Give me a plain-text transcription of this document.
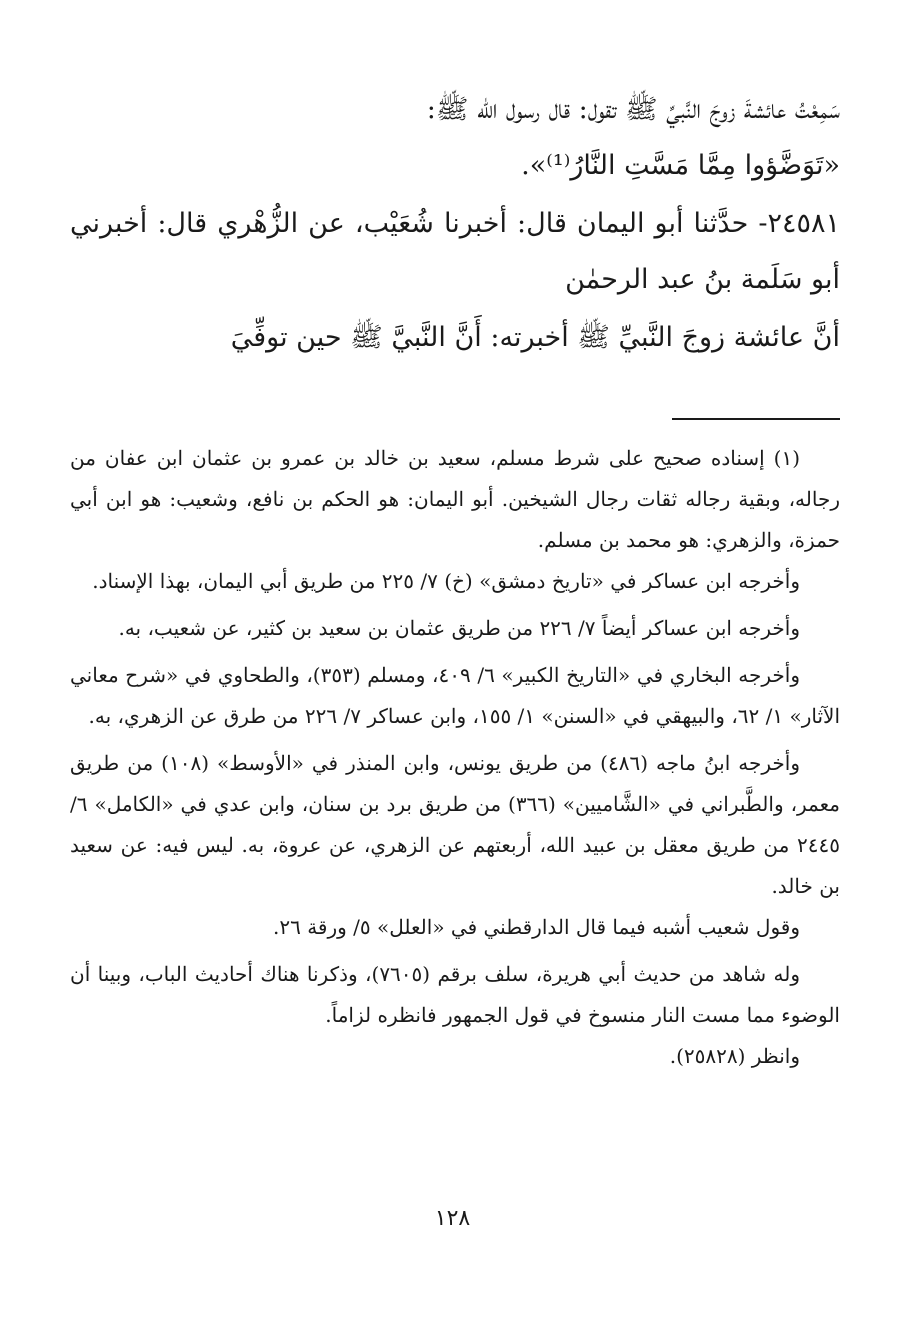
سَمِعْتُ عائشةَ زوجَ النَّبيِّ ﷺ تقول: قال رسول الله ﷺ:

«تَوَضَّؤوا مِمَّا مَسَّتِ النَّارُ⁽¹⁾».

٢٤٥٨١- حدَّثنا أبو اليمان قال: أخبرنا شُعَيْب، عن الزُّهْري قال: أخبرني أبو سَلَمة بنُ عبد الرحمٰن

أنَّ عائشة زوجَ النَّبيِّ ﷺ أخبرته: أَنَّ النَّبيَّ ﷺ حين توفِّيَ

(١) إسناده صحيح على شرط مسلم، سعيد بن خالد بن عمرو بن عثمان ابن عفان من رجاله، وبقية رجاله ثقات رجال الشيخين. أبو اليمان: هو الحكم بن نافع، وشعيب: هو ابن أبي حمزة، والزهري: هو محمد بن مسلم.

وأخرجه ابن عساكر في «تاريخ دمشق» (خ) ٧/ ٢٢٥ من طريق أبي اليمان، بهذا الإسناد.

وأخرجه ابن عساكر أيضاً ٧/ ٢٢٦ من طريق عثمان بن سعيد بن كثير، عن شعيب، به.

وأخرجه البخاري في «التاريخ الكبير» ٦/ ٤٠٩، ومسلم (٣٥٣)، والطحاوي في «شرح معاني الآثار» ١/ ٦٢، والبيهقي في «السنن» ١/ ١٥٥، وابن عساكر ٧/ ٢٢٦ من طرق عن الزهري، به.

وأخرجه ابنُ ماجه (٤٨٦) من طريق يونس، وابن المنذر في «الأوسط» (١٠٨) من طريق معمر، والطَّبراني في «الشَّاميين» (٣٦٦) من طريق برد بن سنان، وابن عدي في «الكامل» ٦/ ٢٤٤٥ من طريق معقل بن عبيد الله، أربعتهم عن الزهري، عن عروة، به. ليس فيه: عن سعيد بن خالد.

وقول شعيب أشبه فيما قال الدارقطني في «العلل» ٥/ ورقة ٢٦.

وله شاهد من حديث أبي هريرة، سلف برقم (٧٦٠٥)، وذكرنا هناك أحاديث الباب، وبينا أن الوضوء مما مست النار منسوخ في قول الجمهور فانظره لزاماً.

وانظر (٢٥٨٢٨).

١٢٨
